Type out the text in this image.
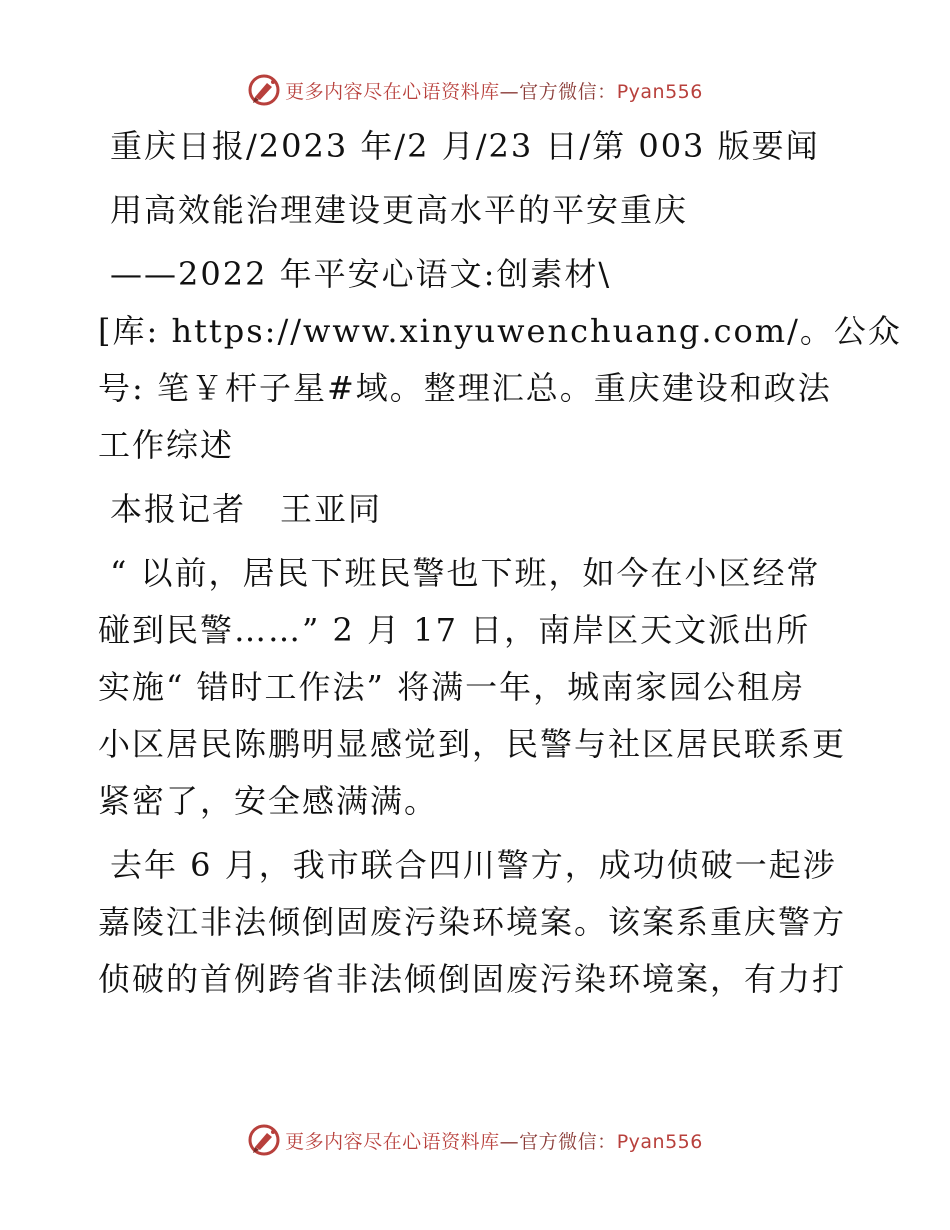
更多内容尽在心语资料库—官方微信：Pyan556
重庆日报/2023 年/2 月/23 日/第 003 版要闻
用高效能治理建设更高水平的平安重庆
——2022 年平安心语文:创素材\
[库: https://www.xinyuwenchuang.com/。公众
号: 笔￥杆子星#域。整理汇总。重庆建设和政法
工作综述
本报记者　王亚同
“ 以前，居民下班民警也下班，如今在小区经常
碰到民警……” 2 月 17 日，南岸区天文派出所
实施“ 错时工作法” 将满一年，城南家园公租房
小区居民陈鹏明显感觉到，民警与社区居民联系更
紧密了，安全感满满。
去年 6 月，我市联合四川警方，成功侦破一起涉
嘉陵江非法倾倒固废污染环境案。该案系重庆警方
侦破的首例跨省非法倾倒固废污染环境案，有力打
更多内容尽在心语资料库—官方微信：Pyan556
